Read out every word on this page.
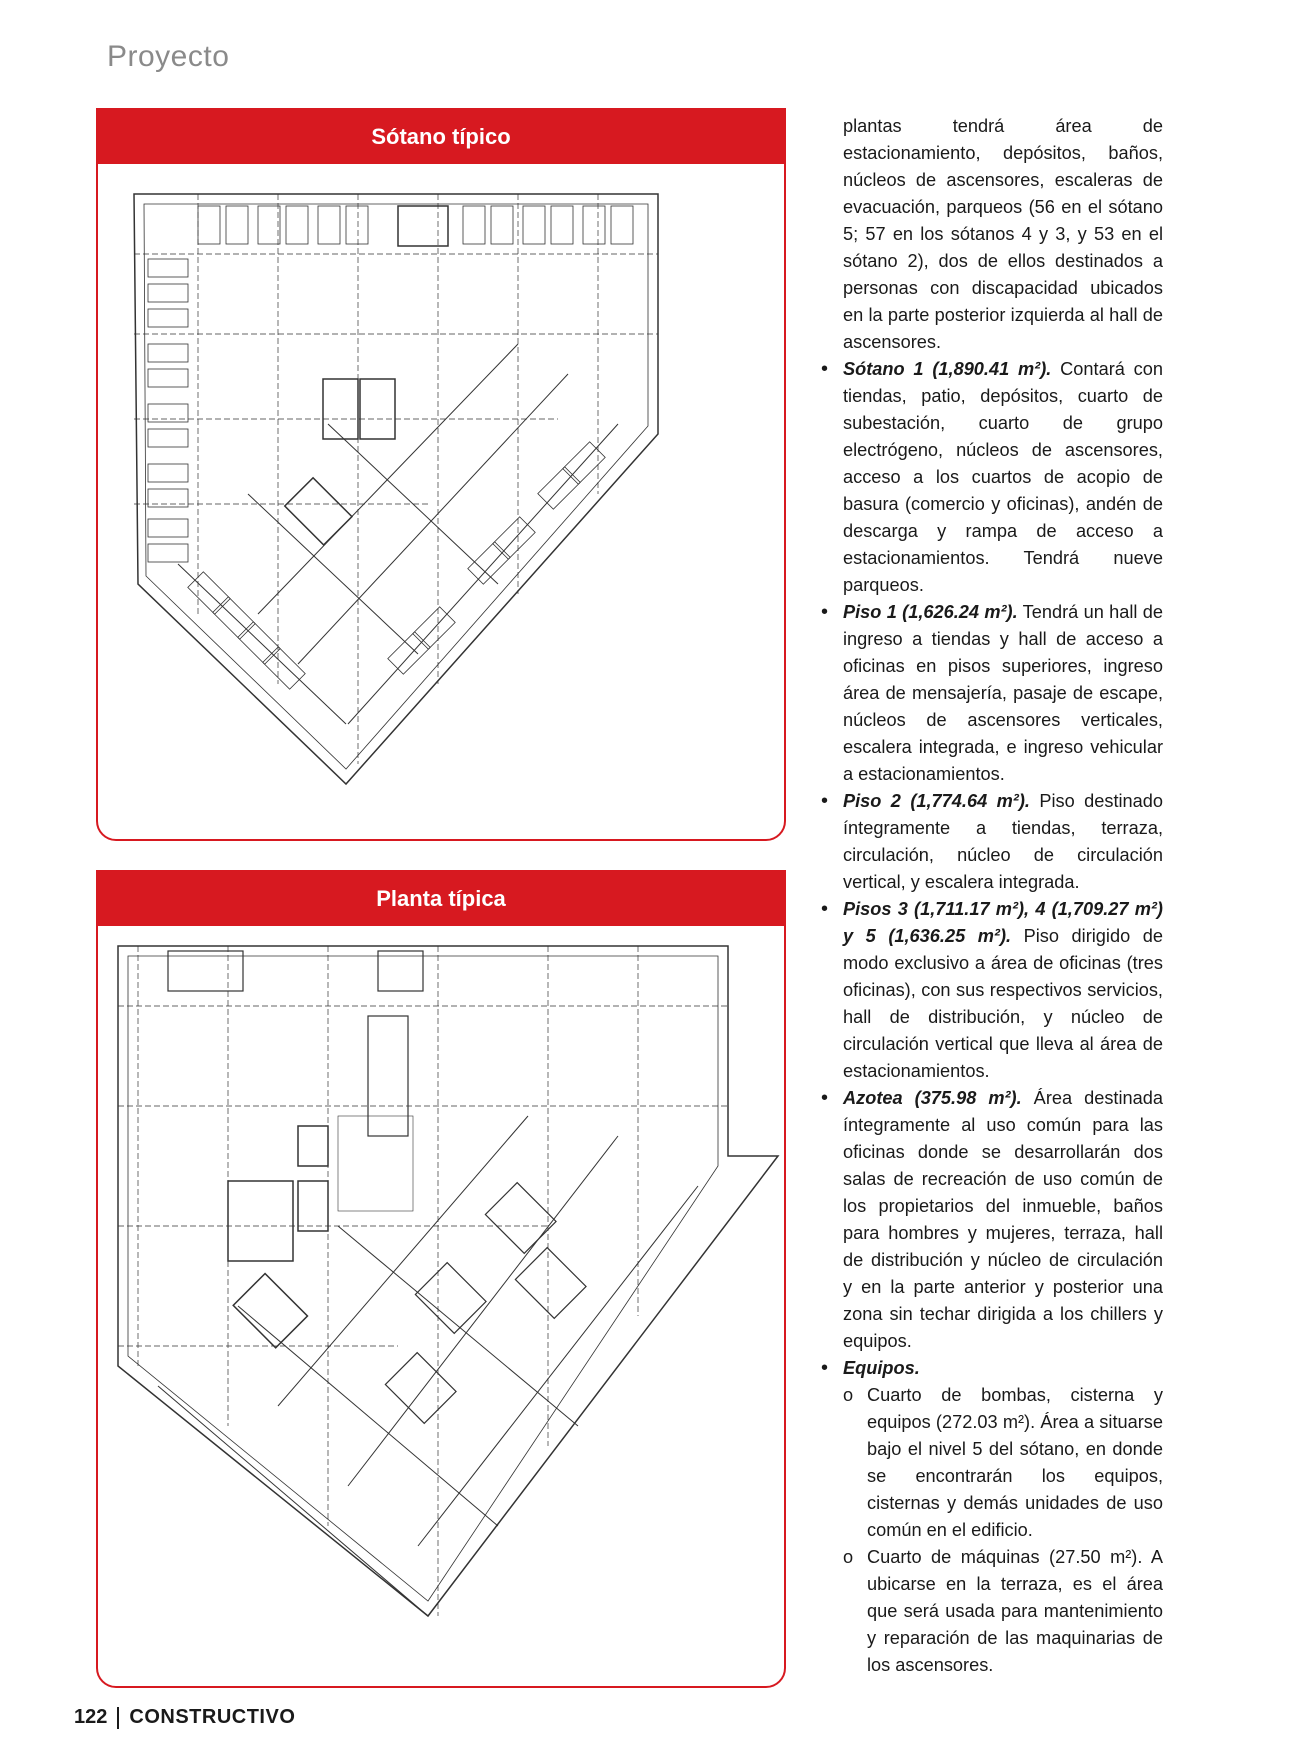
Proyecto
Sótano típico
Planta típica

plantas tendrá área de estacionamiento, depósitos, baños, núcleos de ascensores, escaleras de evacuación, parqueos (56 en el sótano 5; 57 en los sótanos 4 y 3, y 53 en el sótano 2), dos de ellos destinados a personas con discapacidad ubicados en la parte posterior izquierda al hall de ascensores.

• Sótano 1 (1,890.41 m²). Contará con tiendas, patio, depósitos, cuarto de subestación, cuarto de grupo electrógeno, núcleos de ascensores, acceso a los cuartos de acopio de basura (comercio y oficinas), andén de descarga y rampa de acceso a estacionamientos. Tendrá nueve parqueos.
• Piso 1 (1,626.24 m²). Tendrá un hall de ingreso a tiendas y hall de acceso a oficinas en pisos superiores, ingreso área de mensajería, pasaje de escape, núcleos de ascensores verticales, escalera integrada, e ingreso vehicular a estacionamientos.
• Piso 2 (1,774.64 m²). Piso destinado íntegramente a tiendas, terraza, circulación, núcleo de circulación vertical, y escalera integrada.
• Pisos 3 (1,711.17 m²), 4 (1,709.27 m²) y 5 (1,636.25 m²). Piso dirigido de modo exclusivo a área de oficinas (tres oficinas), con sus respectivos servicios, hall de distribución, y núcleo de circulación vertical que lleva al área de estacionamientos.
• Azotea (375.98 m²). Área destinada íntegramente al uso común para las oficinas donde se desarrollarán dos salas de recreación de uso común de los propietarios del inmueble, baños para hombres y mujeres, terraza, hall de distribución y núcleo de circulación y en la parte anterior y posterior una zona sin techar dirigida a los chillers y equipos.
• Equipos.
o Cuarto de bombas, cisterna y equipos (272.03 m²). Área a situarse bajo el nivel 5 del sótano, en donde se encontrarán los equipos, cisternas y demás unidades de uso común en el edificio.
o Cuarto de máquinas (27.50 m²). A ubicarse en la terraza, es el área que será usada para mantenimiento y reparación de las maquinarias de los ascensores.
122 CONSTRUCTIVO
